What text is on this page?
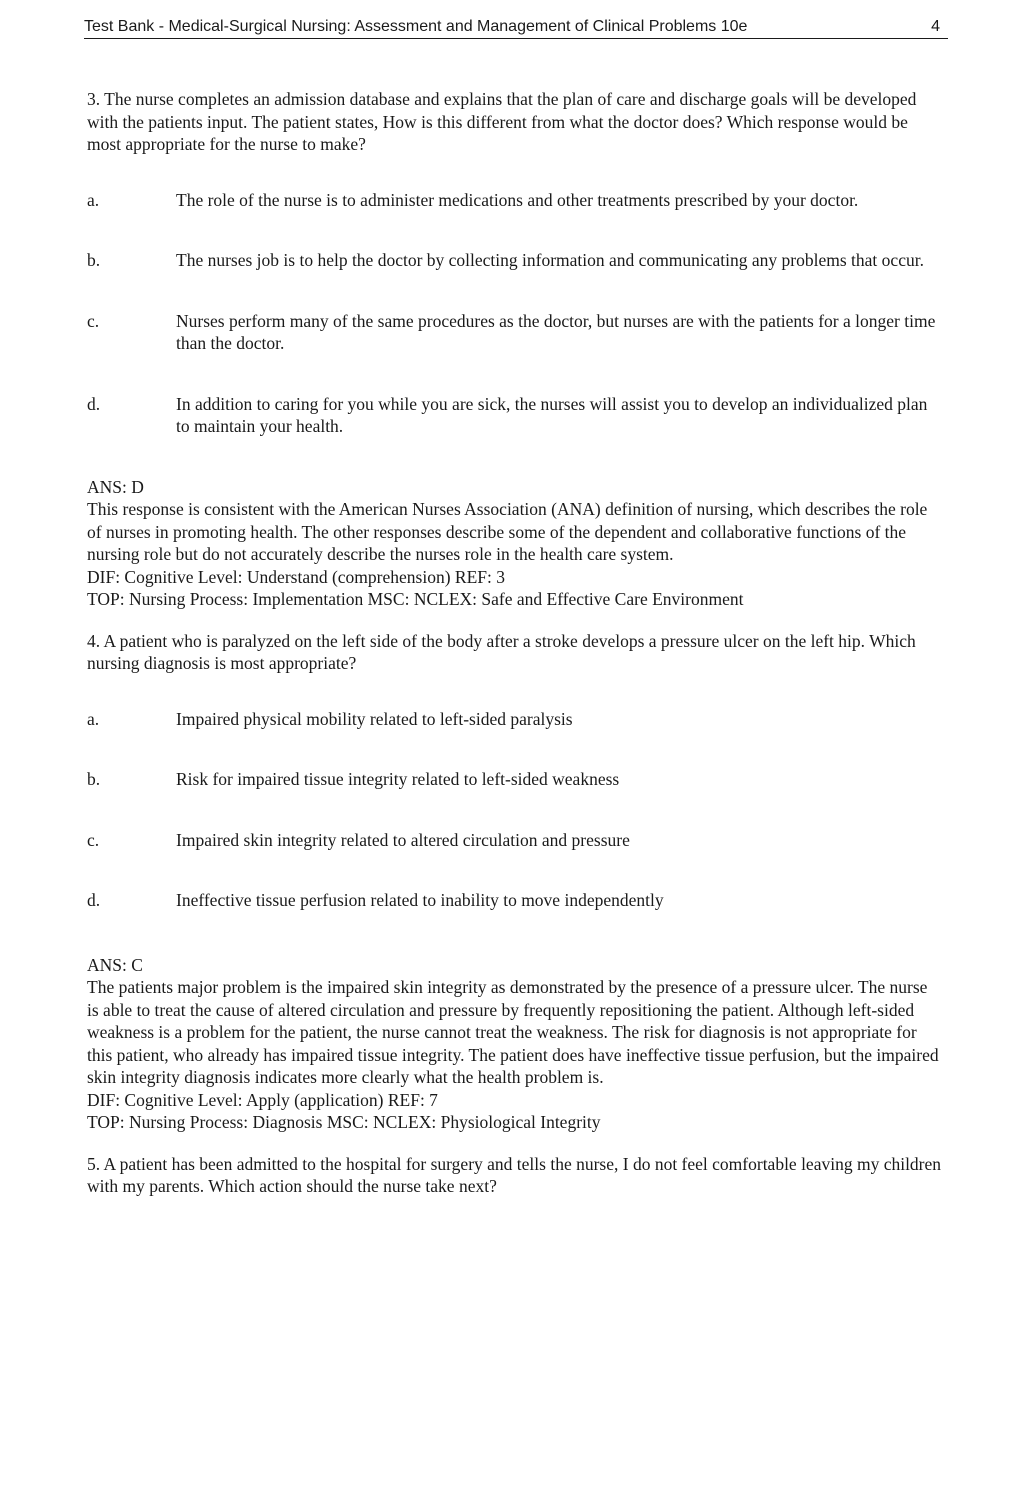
Test Bank - Medical-Surgical Nursing: Assessment and Management of Clinical Problems 10e	4

3. The nurse completes an admission database and explains that the plan of care and discharge goals will be developed with the patients input. The patient states, How is this different from what the doctor does? Which response would be most appropriate for the nurse to make?

a.	The role of the nurse is to administer medications and other treatments prescribed by your doctor.
b.	The nurses job is to help the doctor by collecting information and communicating any problems that occur.
c.	Nurses perform many of the same procedures as the doctor, but nurses are with the patients for a longer time than the doctor.
d.	In addition to caring for you while you are sick, the nurses will assist you to develop an individualized plan to maintain your health.

ANS: D

This response is consistent with the American Nurses Association (ANA) definition of nursing, which describes the role of nurses in promoting health. The other responses describe some of the dependent and collaborative functions of the nursing role but do not accurately describe the nurses role in the health care system.

DIF: Cognitive Level: Understand (comprehension) REF: 3

TOP: Nursing Process: Implementation MSC: NCLEX: Safe and Effective Care Environment

4. A patient who is paralyzed on the left side of the body after a stroke develops a pressure ulcer on the left hip. Which nursing diagnosis is most appropriate?

a.	Impaired physical mobility related to left-sided paralysis
b.	Risk for impaired tissue integrity related to left-sided weakness
c.	Impaired skin integrity related to altered circulation and pressure
d.	Ineffective tissue perfusion related to inability to move independently

ANS: C

The patients major problem is the impaired skin integrity as demonstrated by the presence of a pressure ulcer. The nurse is able to treat the cause of altered circulation and pressure by frequently repositioning the patient. Although left-sided weakness is a problem for the patient, the nurse cannot treat the weakness. The risk for diagnosis is not appropriate for this patient, who already has impaired tissue integrity. The patient does have ineffective tissue perfusion, but the impaired skin integrity diagnosis indicates more clearly what the health problem is.

DIF: Cognitive Level: Apply (application) REF: 7

TOP: Nursing Process: Diagnosis MSC: NCLEX: Physiological Integrity

5. A patient has been admitted to the hospital for surgery and tells the nurse, I do not feel comfortable leaving my children with my parents. Which action should the nurse take next?
